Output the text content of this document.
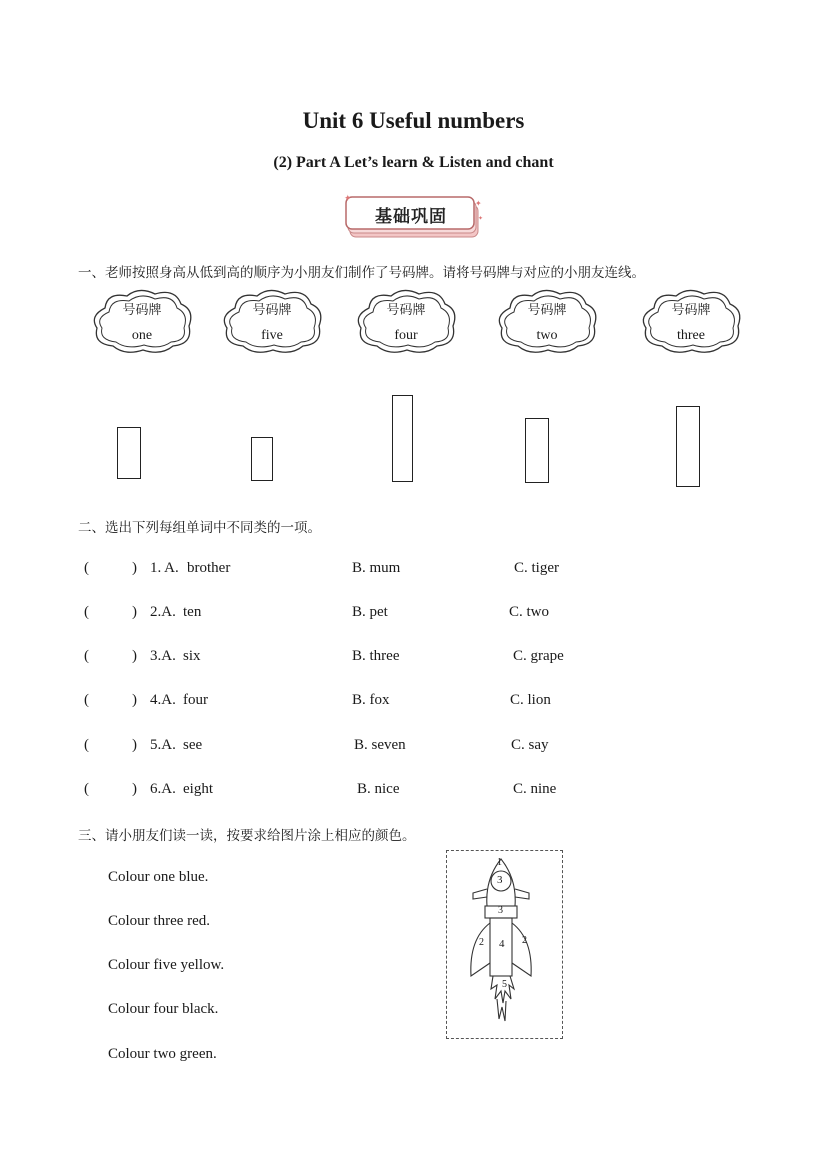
Unit 6 Useful numbers
(2) Part A Let’s learn & Listen and chant
✦	✦
✦
基础巩固
一、老师按照身高从低到高的顺序为小朋友们制作了号码牌。请将号码牌与对应的小朋友连线。
号码牌
one
号码牌
five
号码牌
four
号码牌
two
号码牌
three
二、选出下列每组单词中不同类的一项。
(	) 1. A. brother	B. mum	C. tiger
(	) 2.A. ten	B. pet	C. two
(	) 3.A. six	B. three	C. grape
(	) 4.A. four	B. fox	C. lion
(	) 5.A. see	B. seven	C. say
(	) 6.A. eight	B. nice	C. nine
三、请小朋友们读一读，按要求给图片涂上相应的颜色。
Colour one blue.
Colour three red.
Colour five yellow.
Colour four black.
Colour two green.
1
3
3
2 4 2
5
